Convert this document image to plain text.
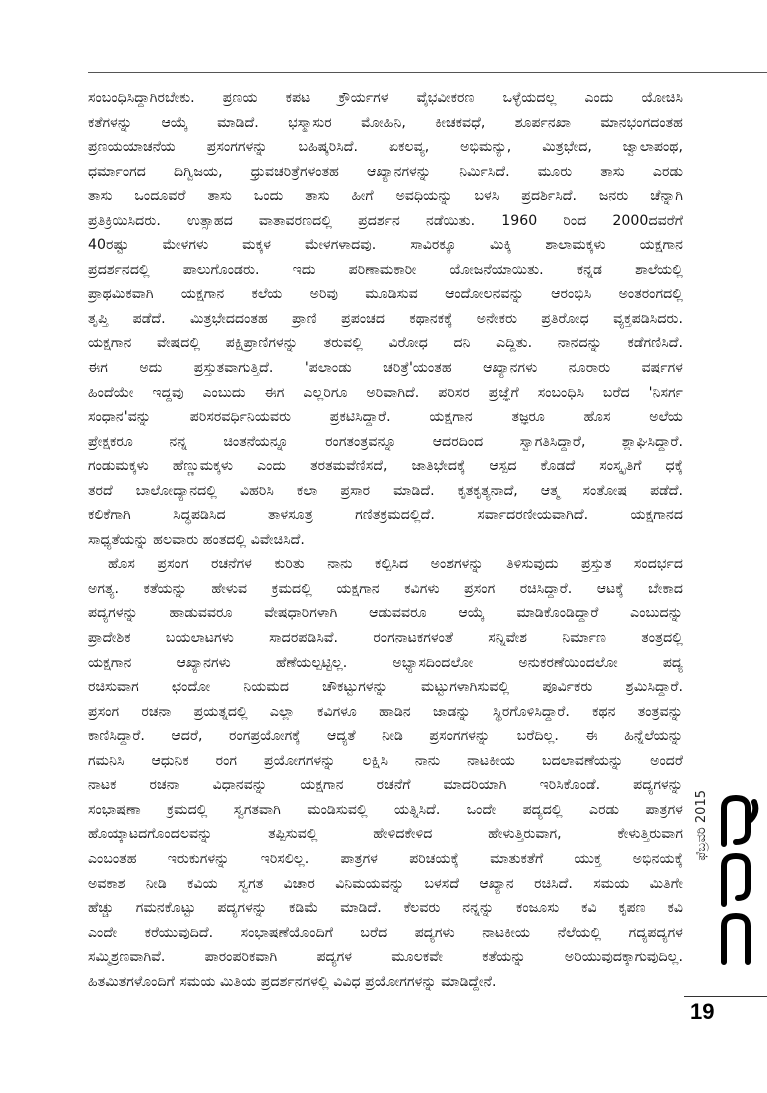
ಸಂಬಂಧಿಸಿದ್ದಾಗಿರಬೇಕು. ಪ್ರಣಯ ಕಪಟ ಕ್ರೌರ್ಯಗಳ ವೈಭವೀಕರಣ ಒಳ್ಳೆಯದಲ್ಲ ಎಂದು ಯೋಚಿಸಿ
ಕತೆಗಳನ್ನು ಆಯ್ಕೆ ಮಾಡಿದೆ. ಭಸ್ಮಾಸುರ ಮೋಹಿನಿ, ಕೀಚಕವಧೆ, ಶೂರ್ಪನಖಾ ಮಾನಭಂಗದಂತಹ
ಪ್ರಣಯಯಾಚನೆಯ ಪ್ರಸಂಗಗಳನ್ನು ಬಹಿಷ್ಕರಿಸಿದೆ. ಏಕಲವ್ಯ, ಅಭಿಮನ್ಯು, ಮಿತ್ರಭೇದ, ಜ್ವಾಲಾಪಂಥ,
ಧರ್ಮಾಂಗದ ದಿಗ್ವಿಜಯ, ಧ್ರುವಚರಿತ್ರೆಗಳಂತಹ ಆಖ್ಯಾನಗಳನ್ನು ನಿರ್ಮಿಸಿದೆ. ಮೂರು ತಾಸು ಎರಡು
ತಾಸು ಒಂದೂವರೆ ತಾಸು ಒಂದು ತಾಸು ಹೀಗೆ ಅವಧಿಯನ್ನು ಬಳಸಿ ಪ್ರದರ್ಶಿಸಿದೆ. ಜನರು ಚೆನ್ನಾಗಿ
ಪ್ರತಿಕ್ರಿಯಿಸಿದರು. ಉತ್ಸಾಹದ ವಾತಾವರಣದಲ್ಲಿ ಪ್ರದರ್ಶನ ನಡೆಯಿತು. 1960 ರಿಂದ 2000ದವರೆಗೆ
40ರಷ್ಟು ಮೇಳಗಳು ಮಕ್ಕಳ ಮೇಳಗಳಾದವು. ಸಾವಿರಕ್ಕೂ ಮಿಕ್ಕಿ ಶಾಲಾಮಕ್ಕಳು ಯಕ್ಷಗಾನ
ಪ್ರದರ್ಶನದಲ್ಲಿ ಪಾಲುಗೊಂಡರು. ಇದು ಪರಿಣಾಮಕಾರೀ ಯೋಜನೆಯಾಯಿತು. ಕನ್ನಡ ಶಾಲೆಯಲ್ಲಿ
ಪ್ರಾಥಮಿಕವಾಗಿ ಯಕ್ಷಗಾನ ಕಲೆಯ ಅರಿವು ಮೂಡಿಸುವ ಆಂದೋಲನವನ್ನು ಆರಂಭಿಸಿ ಅಂತರಂಗದಲ್ಲಿ
ತೃಪ್ತಿ ಪಡೆದೆ. ಮಿತ್ರಭೇದದಂತಹ ಪ್ರಾಣಿ ಪ್ರಪಂಚದ ಕಥಾನಕಕ್ಕೆ ಅನೇಕರು ಪ್ರತಿರೋಧ ವ್ಯಕ್ತಪಡಿಸಿದರು.
ಯಕ್ಷಗಾನ ವೇಷದಲ್ಲಿ ಪಕ್ಷಿಪ್ರಾಣಿಗಳನ್ನು ತರುವಲ್ಲಿ ವಿರೋಧ ದನಿ ಎದ್ದಿತು. ನಾನದನ್ನು ಕಡೆಗಣಿಸಿದೆ.
ಈಗ ಅದು ಪ್ರಸ್ತುತವಾಗುತ್ತಿದೆ. 'ಪಲಾಂಡು ಚರಿತ್ರೆ'ಯಂತಹ ಆಖ್ಯಾನಗಳು ನೂರಾರು ವರ್ಷಗಳ
ಹಿಂದೆಯೇ ಇದ್ದವು ಎಂಬುದು ಈಗ ಎಲ್ಲರಿಗೂ ಅರಿವಾಗಿದೆ. ಪರಿಸರ ಪ್ರಜ್ಞೆಗೆ ಸಂಬಂಧಿಸಿ ಬರೆದ 'ನಿಸರ್ಗ
ಸಂಧಾನ'ವನ್ನು ಪರಿಸರವರ್ಧಿನಿಯವರು ಪ್ರಕಟಿಸಿದ್ದಾರೆ. ಯಕ್ಷಗಾನ ತಜ್ಞರೂ ಹೊಸ ಅಲೆಯ
ಪ್ರೇಕ್ಷಕರೂ ನನ್ನ ಚಿಂತನೆಯನ್ನೂ ರಂಗತಂತ್ರವನ್ನೂ ಆದರದಿಂದ ಸ್ವಾಗತಿಸಿದ್ದಾರೆ, ಶ್ಲಾಘಿಸಿದ್ದಾರೆ.
ಗಂಡುಮಕ್ಕಳು ಹೆಣ್ಣುಮಕ್ಕಳು ಎಂದು ತರತಮವೆಣಿಸದೆ, ಜಾತಿಭೇದಕ್ಕೆ ಆಸ್ಪದ ಕೊಡದೆ ಸಂಸ್ಕೃತಿಗೆ ಧಕ್ಕೆ
ತರದೆ ಬಾಲೋದ್ಯಾನದಲ್ಲಿ ವಿಹರಿಸಿ ಕಲಾ ಪ್ರಸಾರ ಮಾಡಿದೆ. ಕೃತಕೃತ್ಯನಾದೆ, ಆತ್ಮ ಸಂತೋಷ ಪಡೆದೆ.
ಕಲಿಕೆಗಾಗಿ ಸಿದ್ಧಪಡಿಸಿದ ತಾಳಸೂತ್ರ ಗಣಿತಕ್ರಮದಲ್ಲಿದೆ. ಸರ್ವಾದರಣೀಯವಾಗಿದೆ. ಯಕ್ಷಗಾನದ
ಸಾಧ್ಯತೆಯನ್ನು ಹಲವಾರು ಹಂತದಲ್ಲಿ ವಿವೇಚಿಸಿದೆ.
ಹೊಸ ಪ್ರಸಂಗ ರಚನೆಗಳ ಕುರಿತು ನಾನು ಕಲ್ಪಿಸಿದ ಅಂಶಗಳನ್ನು ತಿಳಿಸುವುದು ಪ್ರಸ್ತುತ ಸಂದರ್ಭದ
ಅಗತ್ಯ. ಕತೆಯನ್ನು ಹೇಳುವ ಕ್ರಮದಲ್ಲಿ ಯಕ್ಷಗಾನ ಕವಿಗಳು ಪ್ರಸಂಗ ರಚಿಸಿದ್ದಾರೆ. ಆಟಕ್ಕೆ ಬೇಕಾದ
ಪದ್ಯಗಳನ್ನು ಹಾಡುವವರೂ ವೇಷಧಾರಿಗಳಾಗಿ ಆಡುವವರೂ ಆಯ್ಕೆ ಮಾಡಿಕೊಂಡಿದ್ದಾರೆ ಎಂಬುದನ್ನು
ಪ್ರಾದೇಶಿಕ ಬಯಲಾಟಗಳು ಸಾದರಪಡಿಸಿವೆ. ರಂಗನಾಟಕಗಳಂತೆ ಸನ್ನಿವೇಶ ನಿರ್ಮಾಣ ತಂತ್ರದಲ್ಲಿ
ಯಕ್ಷಗಾನ ಆಖ್ಯಾನಗಳು ಹೆಣೆಯಲ್ಪಟ್ಟಿಲ್ಲ. ಅಭ್ಯಾಸದಿಂದಲೋ ಅನುಕರಣೆಯಿಂದಲೋ ಪದ್ಯ
ರಚಿಸುವಾಗ ಛಂದೋ ನಿಯಮದ ಚೌಕಟ್ಟುಗಳನ್ನು ಮಟ್ಟುಗಳಾಗಿಸುವಲ್ಲಿ ಪೂರ್ವಿಕರು ಶ್ರಮಿಸಿದ್ದಾರೆ.
ಪ್ರಸಂಗ ರಚನಾ ಪ್ರಯತ್ನದಲ್ಲಿ ಎಲ್ಲಾ ಕವಿಗಳೂ ಹಾಡಿನ ಜಾಡನ್ನು ಸ್ಥಿರಗೊಳಿಸಿದ್ದಾರೆ. ಕಥನ ತಂತ್ರವನ್ನು
ಕಾಣಿಸಿದ್ದಾರೆ. ಆದರೆ, ರಂಗಪ್ರಯೋಗಕ್ಕೆ ಆದ್ಯತೆ ನೀಡಿ ಪ್ರಸಂಗಗಳನ್ನು ಬರೆದಿಲ್ಲ. ಈ ಹಿನ್ನೆಲೆಯನ್ನು
ಗಮನಿಸಿ ಆಧುನಿಕ ರಂಗ ಪ್ರಯೋಗಗಳನ್ನು ಲಕ್ಷಿಸಿ ನಾನು ನಾಟಕೀಯ ಬದಲಾವಣೆಯನ್ನು ಅಂದರೆ
ನಾಟಕ ರಚನಾ ವಿಧಾನವನ್ನು ಯಕ್ಷಗಾನ ರಚನೆಗೆ ಮಾದರಿಯಾಗಿ ಇರಿಸಿಕೊಂಡೆ. ಪದ್ಯಗಳನ್ನು
ಸಂಭಾಷಣಾ ಕ್ರಮದಲ್ಲಿ ಸ್ವಗತವಾಗಿ ಮಂಡಿಸುವಲ್ಲಿ ಯತ್ನಿಸಿದೆ. ಒಂದೇ ಪದ್ಯದಲ್ಲಿ ಎರಡು ಪಾತ್ರಗಳ
ಹೊಯ್ಕಾಟದಗೊಂದಲವನ್ನು ತಪ್ಪಿಸುವಲ್ಲಿ ಹೇಳಿದಕೇಳಿದ ಹೇಳುತ್ತಿರುವಾಗ, ಕೇಳುತ್ತಿರುವಾಗ
ಎಂಬಂತಹ ಇರುಕುಗಳನ್ನು ಇರಿಸಲಿಲ್ಲ. ಪಾತ್ರಗಳ ಪರಿಚಯಕ್ಕೆ ಮಾತುಕತೆಗೆ ಯುಕ್ತ ಅಭಿನಯಕ್ಕೆ
ಅವಕಾಶ ನೀಡಿ ಕವಿಯ ಸ್ವಗತ ವಿಚಾರ ವಿನಿಮಯವನ್ನು ಬಳಸದೆ ಆಖ್ಯಾನ ರಚಿಸಿದೆ. ಸಮಯ ಮಿತಿಗೇ
ಹೆಚ್ಚು ಗಮನಕೊಟ್ಟು ಪದ್ಯಗಳನ್ನು ಕಡಿಮೆ ಮಾಡಿದೆ. ಕೆಲವರು ನನ್ನನ್ನು ಕಂಜೂಸು ಕವಿ ಕೃಪಣ ಕವಿ
ಎಂದೇ ಕರೆಯುವುದಿದೆ. ಸಂಭಾಷಣೆಯೊಂದಿಗೆ ಬರೆದ ಪದ್ಯಗಳು ನಾಟಕೀಯ ನೆಲೆಯಲ್ಲಿ ಗದ್ಯಪದ್ಯಗಳ
ಸಮ್ಮಿಶ್ರಣವಾಗಿವೆ. ಪಾರಂಪರಿಕವಾಗಿ ಪದ್ಯಗಳ ಮೂಲಕವೇ ಕತೆಯನ್ನು ಅರಿಯುವುದಕ್ಕಾಗುವುದಿಲ್ಲ.
ಹಿತಮಿತಗಳೊಂದಿಗೆ ಸಮಯ ಮಿತಿಯ ಪ್ರದರ್ಶನಗಳಲ್ಲಿ ವಿವಿಧ ಪ್ರಯೋಗಗಳನ್ನು ಮಾಡಿದ್ದೇನೆ.
ಫೆಬ್ರವರಿ 2015
19
